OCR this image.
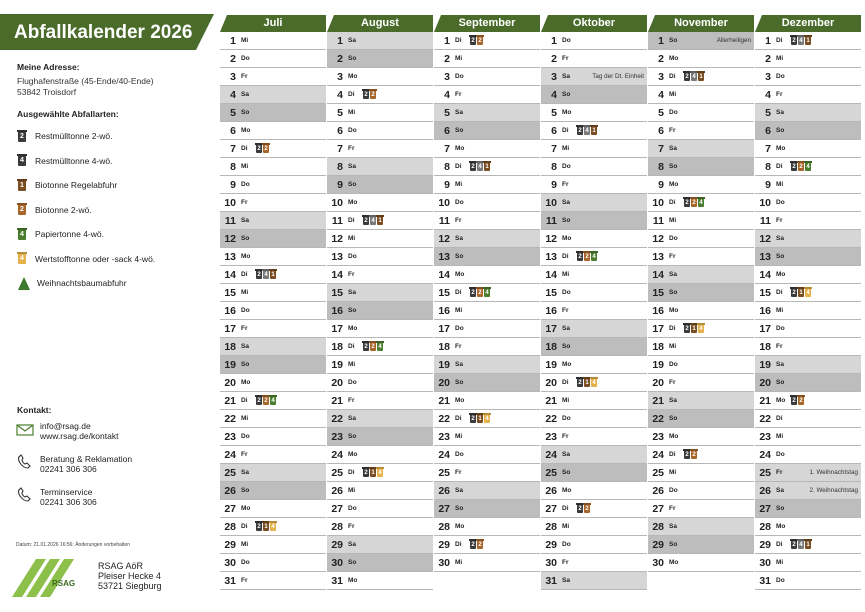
Abfallkalender 2026
Meine Adresse:
Flughafenstraße (45-Ende/40-Ende)
53842 Troisdorf
Ausgewählte Abfallarten:
2 Restmülltonne 2-wö.
4 Restmülltonne 4-wö.
1 Biotonne Regelabfuhr
2 Biotonne 2-wö.
4 Papiertonne 4-wö.
4 Wertstofftonne oder -sack 4-wö.
Weihnachtsbaumabfuhr
Kontakt:
info@rsag.de
www.rsag.de/kontakt
Beratung & Reklamation
02241 306 306
Terminservice
02241 306 306
Datum: 21.01.2026 16:56; Änderungen vorbehalten
RSAG
RSAG AöR
Pleiser Hecke 4
53721 Siegburg
Juli
1 Mi
2 Do
3 Fr
4 Sa
5 So
6 Mo
7 Di	2 2
8 Mi
9 Do
10 Fr
11 Sa
12 So
13 Mo
14 Di	2 4 1
15 Mi
16 Do
17 Fr
18 Sa
19 So
20 Mo
21 Di	2 2 4
22 Mi
23 Do
24 Fr
25 Sa
26 So
27 Mo
28 Di	2 1 4
29 Mi
30 Do
31 Fr
August
1 Sa
2 So
3 Mo
4 Di	2 2
5 Mi
6 Do
7 Fr
8 Sa
9 So
10 Mo
11 Di	2 4 1
12 Mi
13 Do
14 Fr
15 Sa
16 So
17 Mo
18 Di	2 2 4
19 Mi
20 Do
21 Fr
22 Sa
23 So
24 Mo
25 Di	2 1 4
26 Mi
27 Do
28 Fr
29 Sa
30 So
31 Mo
September
1 Di	2 2
2 Mi
3 Do
4 Fr
5 Sa
6 So
7 Mo
8 Di	2 4 1
9 Mi
10 Do
11 Fr
12 Sa
13 So
14 Mo
15 Di	2 2 4
16 Mi
17 Do
18 Fr
19 Sa
20 So
21 Mo
22 Di	2 1 4
23 Mi
24 Do
25 Fr
26 Sa
27 So
28 Mo
29 Di	2 2
30 Mi
Oktober
1 Do
2 Fr
3 Sa	Tag der Dt. Einheit
4 So
5 Mo
6 Di	2 4 1
7 Mi
8 Do
9 Fr
10 Sa
11 So
12 Mo
13 Di	2 2 4
14 Mi
15 Do
16 Fr
17 Sa
18 So
19 Mo
20 Di	2 1 4
21 Mi
22 Do
23 Fr
24 Sa
25 So
26 Mo
27 Di	2 2
28 Mi
29 Do
30 Fr
31 Sa
November
1 So	Allerheiligen
2 Mo
3 Di	2 4 1
4 Mi
5 Do
6 Fr
7 Sa
8 So
9 Mo
10 Di	2 2 4
11 Mi
12 Do
13 Fr
14 Sa
15 So
16 Mo
17 Di	2 1 4
18 Mi
19 Do
20 Fr
21 Sa
22 So
23 Mo
24 Di	2 2
25 Mi
26 Do
27 Fr
28 Sa
29 So
30 Mo
Dezember
1 Di	2 4 1
2 Mi
3 Do
4 Fr
5 Sa
6 So
7 Mo
8 Di	2 2 4
9 Mi
10 Do
11 Fr
12 Sa
13 So
14 Mo
15 Di	2 1 4
16 Mi
17 Do
18 Fr
19 Sa
20 So
21 Mo	2 2
22 Di
23 Mi
24 Do
25 Fr	1. Weihnachtstag
26 Sa	2. Weihnachtstag
27 So
28 Mo
29 Di	2 4 1
30 Mi
31 Do
